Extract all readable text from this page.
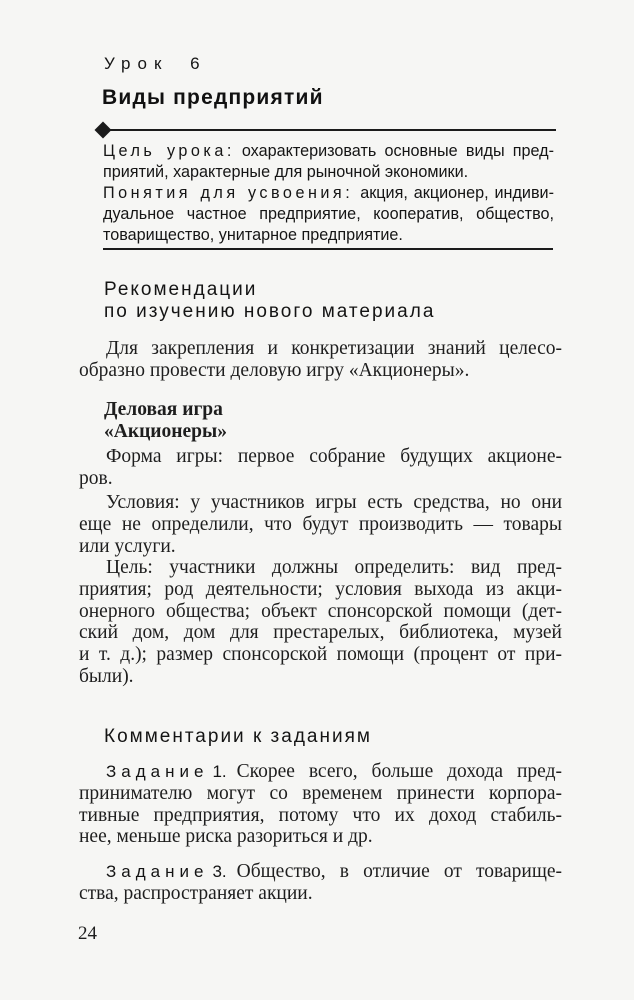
Урок 6
Виды предприятий
Цель урока: охарактеризовать основные виды пред-
приятий, характерные для рыночной экономики.
Понятия для усвоения: акция, акционер, индиви-
дуальное частное предприятие, кооператив, общество,
товарищество, унитарное предприятие.
Рекомендации
по изучению нового материала
Для закрепления и конкретизации знаний целесо-
образно провести деловую игру «Акционеры».
Деловая игра
«Акционеры»
Форма игры: первое собрание будущих акционе-
ров.
Условия: у участников игры есть средства, но они
еще не определили, что будут производить — товары
или услуги.
Цель: участники должны определить: вид пред-
приятия; род деятельности; условия выхода из акци-
онерного общества; объект спонсорской помощи (дет-
ский дом, дом для престарелых, библиотека, музей
и т. д.); размер спонсорской помощи (процент от при-
были).
Комментарии к заданиям
Задание 1. Скорее всего, больше дохода пред-
принимателю могут со временем принести корпора-
тивные предприятия, потому что их доход стабиль-
нее, меньше риска разориться и др.
Задание 3. Общество, в отличие от товарище-
ства, распространяет акции.
24
